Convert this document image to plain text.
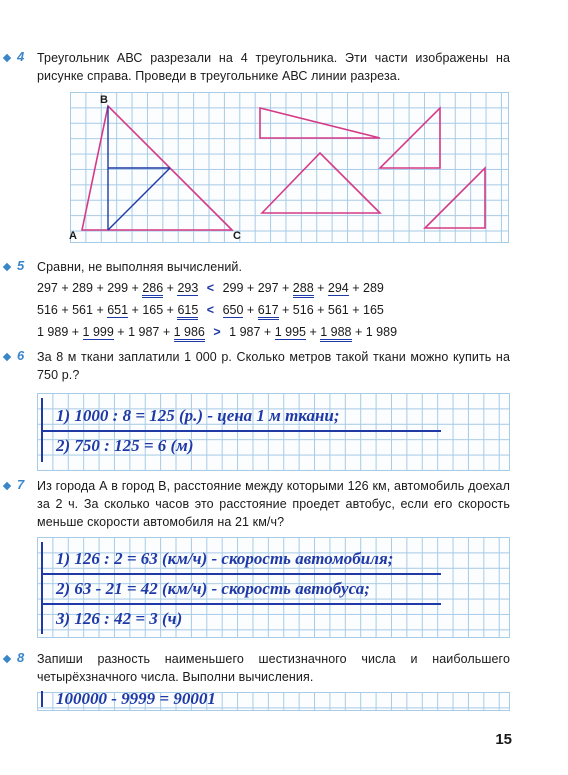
4 Треугольник АВС разрезали на 4 треугольника. Эти части изображены на рисунке справа. Проведи в треугольнике АВС линии разреза.
B
A	C
5 Сравни, не выполняя вычислений.
297 + 289 + 299 + 286 + 293 < 299 + 297 + 288 + 294 + 289
516 + 561 + 651 + 165 + 615 < 650 + 617 + 516 + 561 + 165
1 989 + 1 999 + 1 987 + 1 986 > 1 987 + 1 995 + 1 988 + 1 989
6 За 8 м ткани заплатили 1 000 р. Сколько метров такой ткани можно купить на 750 р.?
1) 1000 : 8 = 125 (р.) - цена 1 м ткани;
2) 750 : 125 = 6 (м)
7 Из города А в город В, расстояние между которыми 126 км, автомобиль доехал за 2 ч. За сколько часов это расстояние проедет автобус, если его скорость меньше скорости автомобиля на 21 км/ч?
1) 126 : 2 = 63 (км/ч) - скорость автомобиля;
2) 63 - 21 = 42 (км/ч) - скорость автобуса;
3) 126 : 42 = 3 (ч)
8 Запиши разность наименьшего шестизначного числа и наибольшего четырёхзначного числа. Выполни вычисления.
100000 - 9999 = 90001
15
